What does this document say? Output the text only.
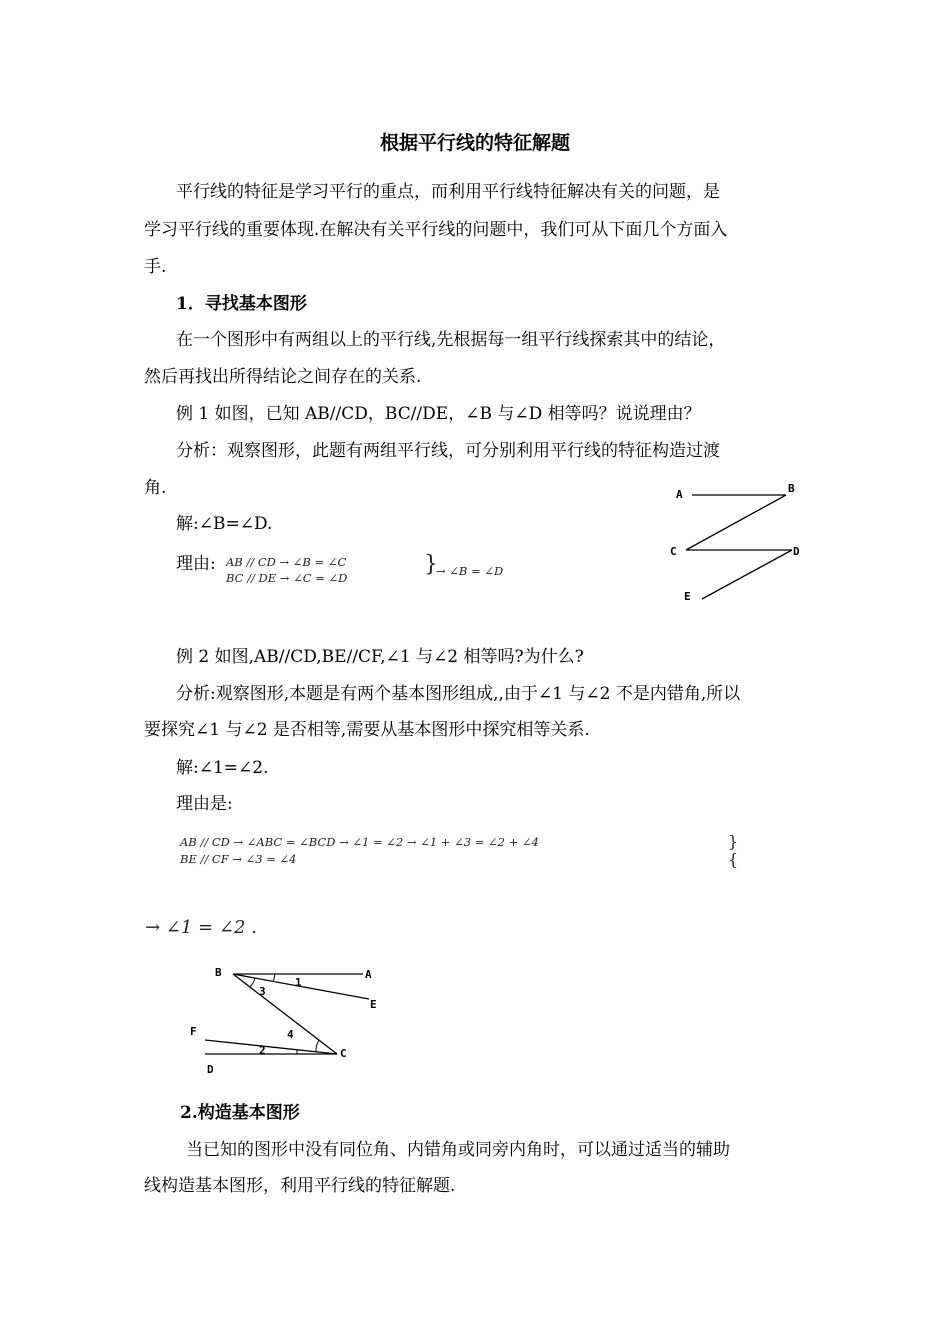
根据平行线的特征解题
平行线的特征是学习平行的重点，而利用平行线特征解决有关的问题，是
学习平行线的重要体现.在解决有关平行线的问题中，我们可从下面几个方面入
手.
1．寻找基本图形
在一个图形中有两组以上的平行线,先根据每一组平行线探索其中的结论，
然后再找出所得结论之间存在的关系.
例 1 如图，已知 AB//CD，BC//DE，∠B 与∠D 相等吗？说说理由？
分析：观察图形，此题有两组平行线，可分别利用平行线的特征构造过渡
角.
解:∠B=∠D.
理由: AB // CD → ∠B = ∠C
BC // DE → ∠C = ∠D
}
→ ∠B = ∠D
A	B
C	D
E
例 2 如图,AB//CD,BE//CF,∠1 与∠2 相等吗?为什么?
分析:观察图形,本题是有两个基本图形组成,,由于∠1 与∠2 不是内错角,所以
要探究∠1 与∠2 是否相等,需要从基本图形中探究相等关系.
解:∠1=∠2.
理由是:
AB // CD → ∠ABC = ∠BCD → ∠1 = ∠2 → ∠1 + ∠3 = ∠2 + ∠4
BE // CF → ∠3 = ∠4
}
{
→ ∠1 = ∠2 .
B	A
E
F
C
D
1
3
4
2
2.构造基本图形
当已知的图形中没有同位角、内错角或同旁内角时，可以通过适当的辅助
线构造基本图形，利用平行线的特征解题.
